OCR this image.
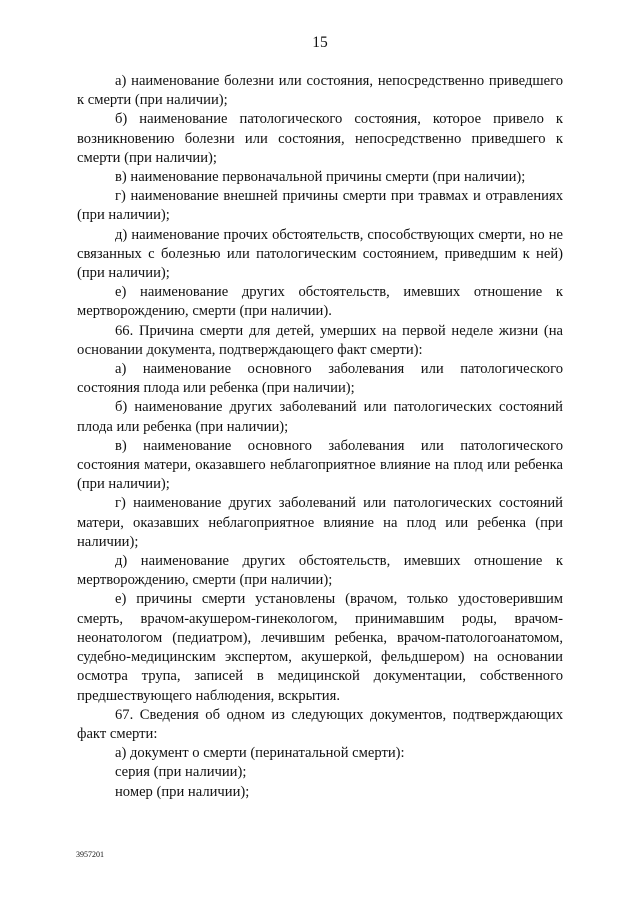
15

а) наименование болезни или состояния, непосредственно приведшего к смерти (при наличии);

б) наименование патологического состояния, которое привело к возникновению болезни или состояния, непосредственно приведшего к смерти (при наличии);

в) наименование первоначальной причины смерти (при наличии);

г) наименование внешней причины смерти при травмах и отравлениях (при наличии);

д) наименование прочих обстоятельств, способствующих смерти, но не связанных с болезнью или патологическим состоянием, приведшим к ней) (при наличии);

е) наименование других обстоятельств, имевших отношение к мертворождению, смерти (при наличии).

66. Причина смерти для детей, умерших на первой неделе жизни (на основании документа, подтверждающего факт смерти):

а) наименование основного заболевания или патологического состояния плода или ребенка (при наличии);

б) наименование других заболеваний или патологических состояний плода или ребенка (при наличии);

в) наименование основного заболевания или патологического состояния матери, оказавшего неблагоприятное влияние на плод или ребенка (при наличии);

г) наименование других заболеваний или патологических состояний матери, оказавших неблагоприятное влияние на плод или ребенка (при наличии);

д) наименование других обстоятельств, имевших отношение к мертворождению, смерти (при наличии);

е) причины смерти установлены (врачом, только удостоверившим смерть, врачом-акушером-гинекологом, принимавшим роды, врачом-неонатологом (педиатром), лечившим ребенка, врачом-патологоанатомом, судебно-медицинским экспертом, акушеркой, фельдшером) на основании осмотра трупа, записей в медицинской документации, собственного предшествующего наблюдения, вскрытия.

67. Сведения об одном из следующих документов, подтверждающих факт смерти:

а) документ о смерти (перинатальной смерти):

серия (при наличии);

номер (при наличии);

3957201
